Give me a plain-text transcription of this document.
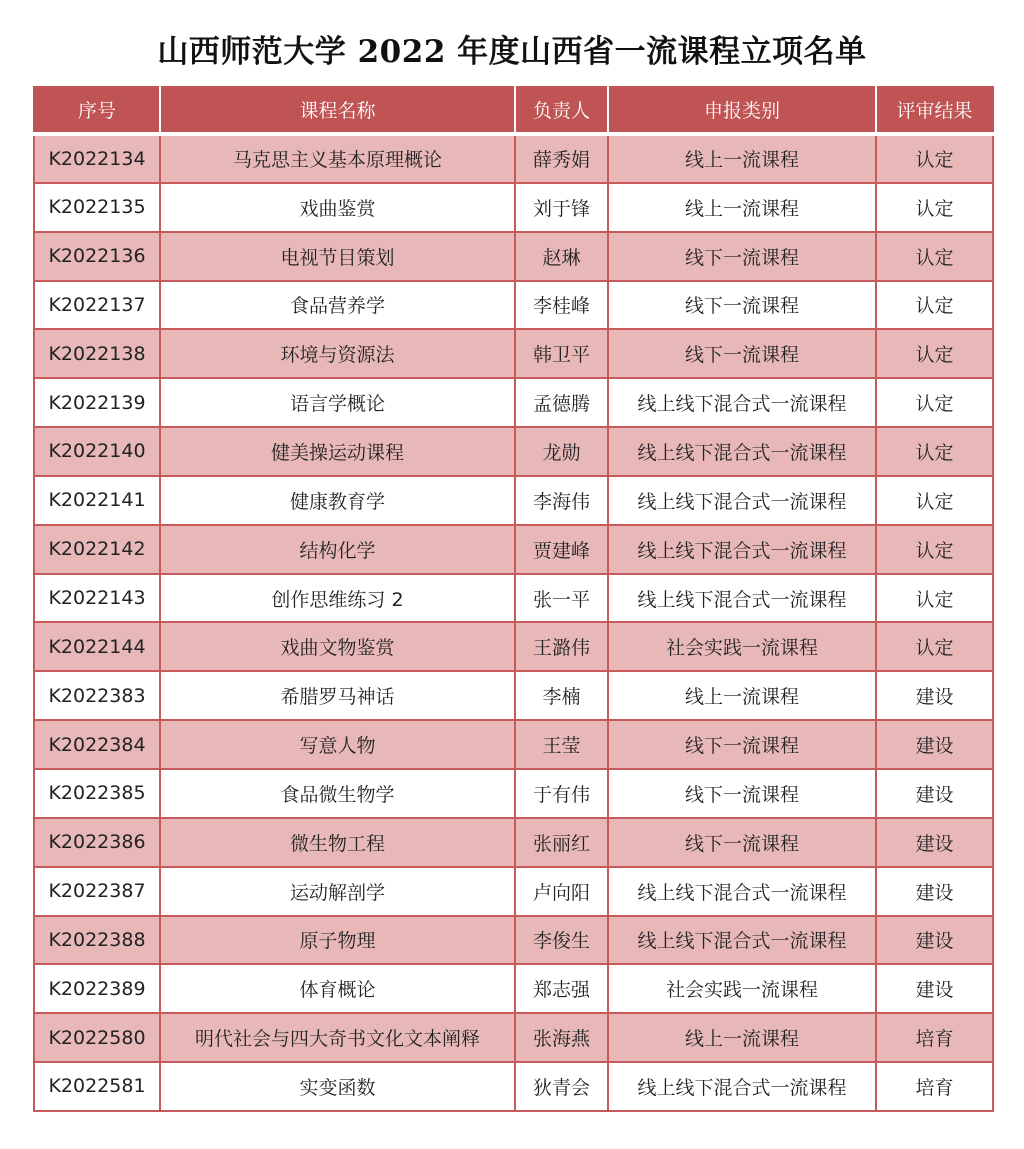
山西师范大学 2022 年度山西省一流课程立项名单
序号	课程名称	负责人	申报类别	评审结果
K2022134	马克思主义基本原理概论	薛秀娟	线上一流课程	认定
K2022135	戏曲鉴赏	刘于锋	线上一流课程	认定
K2022136	电视节目策划	赵琳	线下一流课程	认定
K2022137	食品营养学	李桂峰	线下一流课程	认定
K2022138	环境与资源法	韩卫平	线下一流课程	认定
K2022139	语言学概论	孟德腾	线上线下混合式一流课程	认定
K2022140	健美操运动课程	龙勋	线上线下混合式一流课程	认定
K2022141	健康教育学	李海伟	线上线下混合式一流课程	认定
K2022142	结构化学	贾建峰	线上线下混合式一流课程	认定
K2022143	创作思维练习 2	张一平	线上线下混合式一流课程	认定
K2022144	戏曲文物鉴赏	王潞伟	社会实践一流课程	认定
K2022383	希腊罗马神话	李楠	线上一流课程	建设
K2022384	写意人物	王莹	线下一流课程	建设
K2022385	食品微生物学	于有伟	线下一流课程	建设
K2022386	微生物工程	张丽红	线下一流课程	建设
K2022387	运动解剖学	卢向阳	线上线下混合式一流课程	建设
K2022388	原子物理	李俊生	线上线下混合式一流课程	建设
K2022389	体育概论	郑志强	社会实践一流课程	建设
K2022580	明代社会与四大奇书文化文本阐释	张海燕	线上一流课程	培育
K2022581	实变函数	狄青会	线上线下混合式一流课程	培育
